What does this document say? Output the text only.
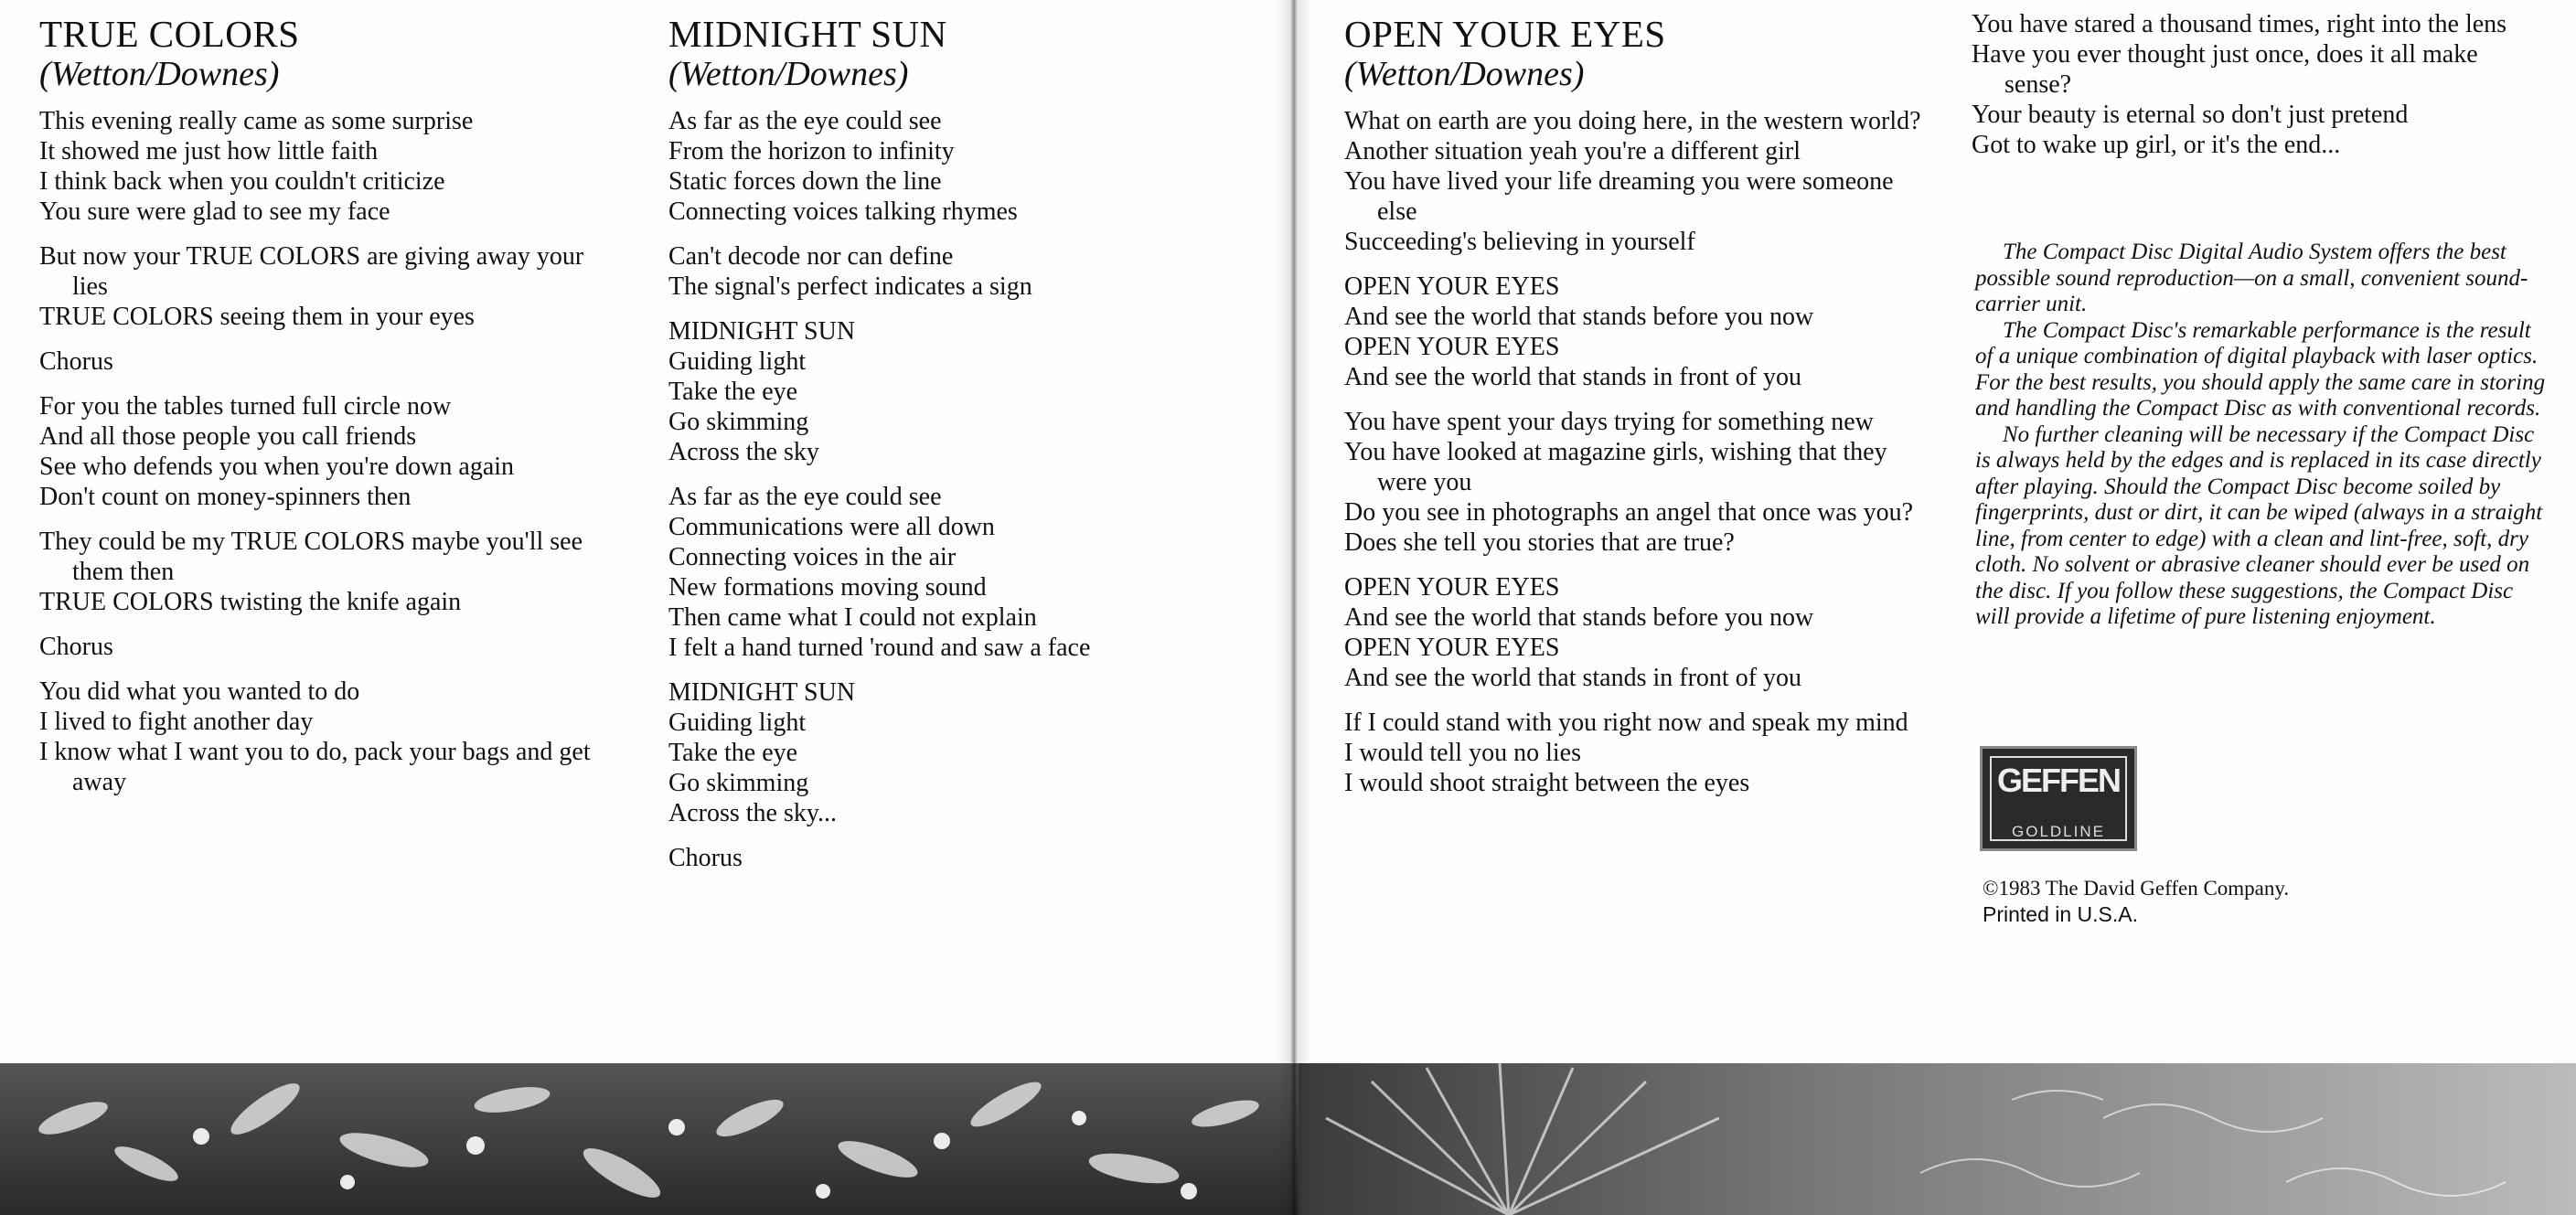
TRUE COLORS
(Wetton/Downes)
This evening really came as some surprise
It showed me just how little faith
I think back when you couldn't criticize
You sure were glad to see my face
But now your TRUE COLORS are giving away your lies
TRUE COLORS seeing them in your eyes
Chorus
For you the tables turned full circle now
And all those people you call friends
See who defends you when you're down again
Don't count on money-spinners then
They could be my TRUE COLORS maybe you'll see them then
TRUE COLORS twisting the knife again
Chorus
You did what you wanted to do
I lived to fight another day
I know what I want you to do, pack your bags and get away
MIDNIGHT SUN
(Wetton/Downes)
As far as the eye could see
From the horizon to infinity
Static forces down the line
Connecting voices talking rhymes
Can't decode nor can define
The signal's perfect indicates a sign
MIDNIGHT SUN
Guiding light
Take the eye
Go skimming
Across the sky
As far as the eye could see
Communications were all down
Connecting voices in the air
New formations moving sound
Then came what I could not explain
I felt a hand turned 'round and saw a face
MIDNIGHT SUN
Guiding light
Take the eye
Go skimming
Across the sky...
Chorus
OPEN YOUR EYES
(Wetton/Downes)
What on earth are you doing here, in the western world?
Another situation yeah you're a different girl
You have lived your life dreaming you were someone else
Succeeding's believing in yourself
OPEN YOUR EYES
And see the world that stands before you now
OPEN YOUR EYES
And see the world that stands in front of you
You have spent your days trying for something new
You have looked at magazine girls, wishing that they were you
Do you see in photographs an angel that once was you?
Does she tell you stories that are true?
OPEN YOUR EYES
And see the world that stands before you now
OPEN YOUR EYES
And see the world that stands in front of you
If I could stand with you right now and speak my mind
I would tell you no lies
I would shoot straight between the eyes
You have stared a thousand times, right into the lens
Have you ever thought just once, does it all make sense?
Your beauty is eternal so don't just pretend
Got to wake up girl, or it's the end...

The Compact Disc Digital Audio System offers the best possible sound reproduction—on a small, convenient sound-carrier unit.

The Compact Disc's remarkable performance is the result of a unique combination of digital playback with laser optics. For the best results, you should apply the same care in storing and handling the Compact Disc as with conventional records.

No further cleaning will be necessary if the Compact Disc is always held by the edges and is replaced in its case directly after playing. Should the Compact Disc become soiled by fingerprints, dust or dirt, it can be wiped (always in a straight line, from center to edge) with a clean and lint-free, soft, dry cloth. No solvent or abrasive cleaner should ever be used on the disc. If you follow these suggestions, the Compact Disc will provide a lifetime of pure listening enjoyment.

GEFFEN
GOLDLINE
©1983 The David Geffen Company.
Printed in U.S.A.
